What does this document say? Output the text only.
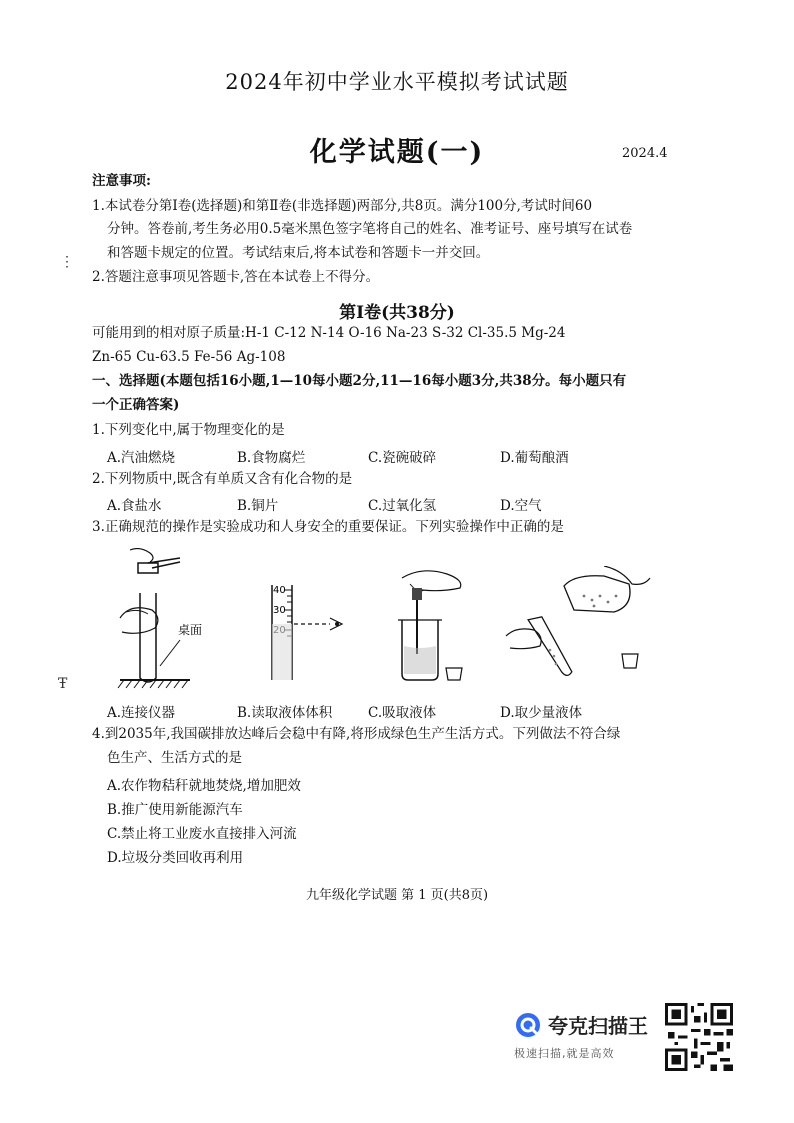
2024年初中学业水平模拟考试试题
化学试题(一)	2024.4
注意事项:
1.本试卷分第Ⅰ卷(选择题)和第Ⅱ卷(非选择题)两部分,共8页。满分100分,考试时间60
分钟。答卷前,考生务必用0.5毫米黑色签字笔将自己的姓名、准考证号、座号填写在试卷
和答题卡规定的位置。考试结束后,将本试卷和答题卡一并交回。
2.答题注意事项见答题卡,答在本试卷上不得分。
⋮
第Ⅰ卷(共38分)
可能用到的相对原子质量:H-1 C-12 N-14 O-16 Na-23 S-32 Cl-35.5 Mg-24
Zn-65 Cu-63.5 Fe-56 Ag-108
一、选择题(本题包括16小题,1—10每小题2分,11—16每小题3分,共38分。每小题只有
一个正确答案)
1.下列变化中,属于物理变化的是
A.汽油燃烧	B.食物腐烂	C.瓷碗破碎	D.葡萄酿酒
2.下列物质中,既含有单质又含有化合物的是
A.食盐水	B.铜片	C.过氧化氢	D.空气
3.正确规范的操作是实验成功和人身安全的重要保证。下列实验操作中正确的是
桌面
40
30
Ŧ
A.连接仪器	B.读取液体体积	C.吸取液体	D.取少量液体
4.到2035年,我国碳排放达峰后会稳中有降,将形成绿色生产生活方式。下列做法不符合绿
色生产、生活方式的是
A.农作物秸秆就地焚烧,增加肥效
B.推广使用新能源汽车
C.禁止将工业废水直接排入河流
D.垃圾分类回收再利用
九年级化学试题 第 1 页(共8页)
夸克扫描王
极速扫描,就是高效
